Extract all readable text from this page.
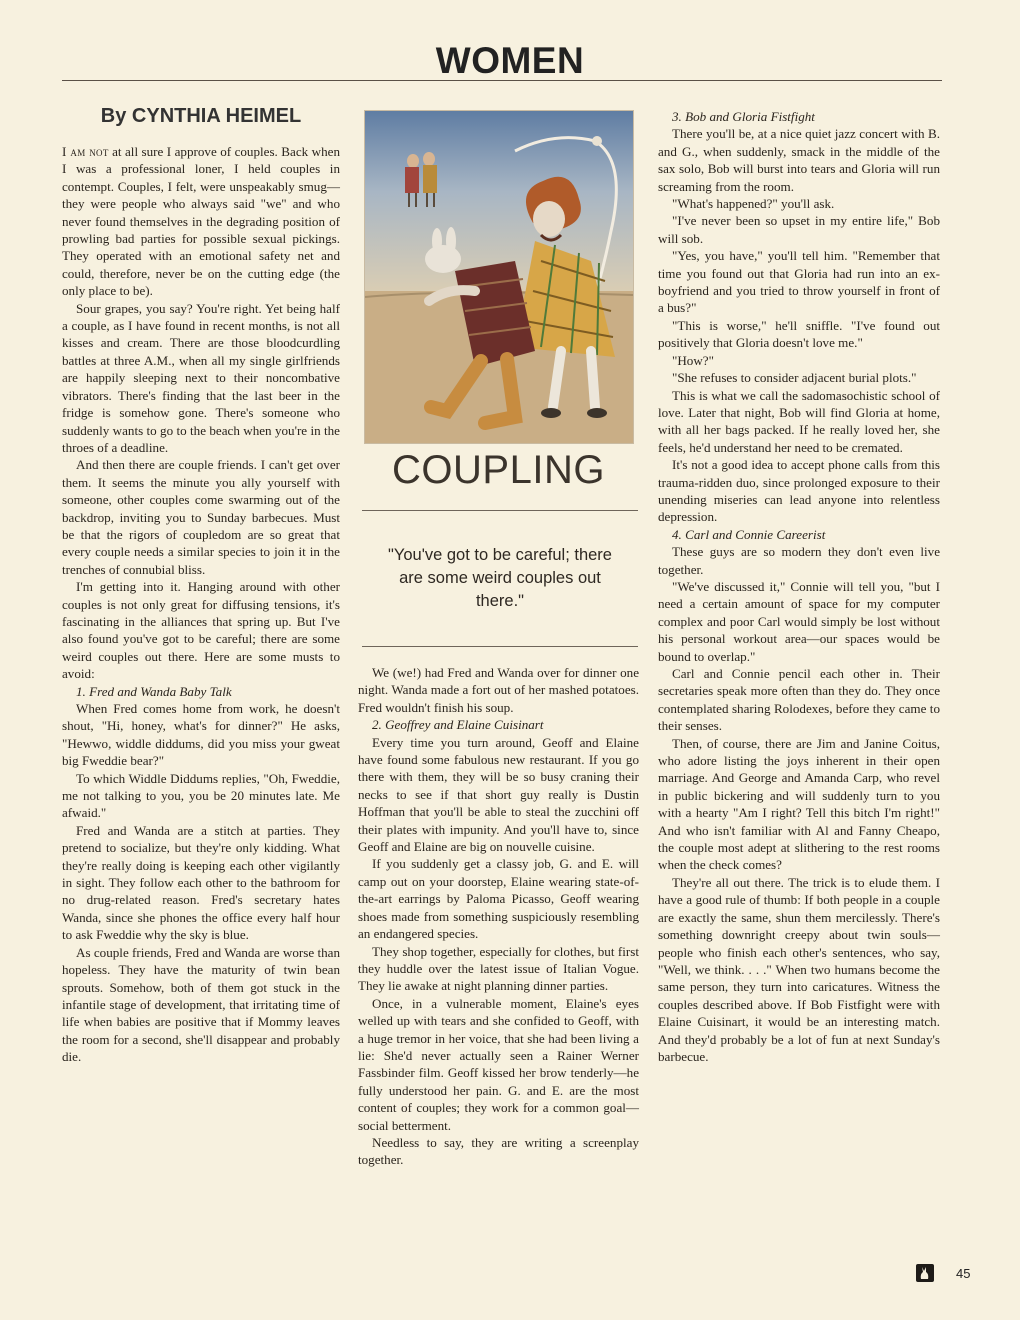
WOMEN
By CYNTHIA HEIMEL

I am not at all sure I approve of couples. Back when I was a professional loner, I held couples in contempt. Couples, I felt, were unspeakably smug—they were people who always said "we" and who never found themselves in the degrading position of prowling bad parties for possible sexual pickings. They operated with an emotional safety net and could, therefore, never be on the cutting edge (the only place to be).

Sour grapes, you say? You're right. Yet being half a couple, as I have found in recent months, is not all kisses and cream. There are those bloodcurdling battles at three A.M., when all my single girlfriends are happily sleeping next to their noncombative vibrators. There's finding that the last beer in the fridge is somehow gone. There's someone who suddenly wants to go to the beach when you're in the throes of a deadline.

And then there are couple friends. I can't get over them. It seems the minute you ally yourself with someone, other couples come swarming out of the backdrop, inviting you to Sunday barbecues. Must be that the rigors of coupledom are so great that every couple needs a similar species to join it in the trenches of connubial bliss.

I'm getting into it. Hanging around with other couples is not only great for diffusing tensions, it's fascinating in the alliances that spring up. But I've also found you've got to be careful; there are some weird couples out there. Here are some musts to avoid:

1. Fred and Wanda Baby Talk

When Fred comes home from work, he doesn't shout, "Hi, honey, what's for dinner?" He asks, "Hewwo, widdle diddums, did you miss your gweat big Fweddie bear?"

To which Widdle Diddums replies, "Oh, Fweddie, me not talking to you, you be 20 minutes late. Me afwaid."

Fred and Wanda are a stitch at parties. They pretend to socialize, but they're only kidding. What they're really doing is keeping each other vigilantly in sight. They follow each other to the bathroom for no drug-related reason. Fred's secretary hates Wanda, since she phones the office every half hour to ask Fweddie why the sky is blue.

As couple friends, Fred and Wanda are worse than hopeless. They have the maturity of twin bean sprouts. Somehow, both of them got stuck in the infantile stage of development, that irritating time of life when babies are positive that if Mommy leaves the room for a second, she'll disappear and probably die.

COUPLING
"You've got to be careful; there are some weird couples out there."

We (we!) had Fred and Wanda over for dinner one night. Wanda made a fort out of her mashed potatoes. Fred wouldn't finish his soup.

2. Geoffrey and Elaine Cuisinart

Every time you turn around, Geoff and Elaine have found some fabulous new restaurant. If you go there with them, they will be so busy craning their necks to see if that short guy really is Dustin Hoffman that you'll be able to steal the zucchini off their plates with impunity. And you'll have to, since Geoff and Elaine are big on nouvelle cuisine.

If you suddenly get a classy job, G. and E. will camp out on your doorstep, Elaine wearing state-of-the-art earrings by Paloma Picasso, Geoff wearing shoes made from something suspiciously resembling an endangered species.

They shop together, especially for clothes, but first they huddle over the latest issue of Italian Vogue. They lie awake at night planning dinner parties.

Once, in a vulnerable moment, Elaine's eyes welled up with tears and she confided to Geoff, with a huge tremor in her voice, that she had been living a lie: She'd never actually seen a Rainer Werner Fassbinder film. Geoff kissed her brow tenderly—he fully understood her pain. G. and E. are the most content of couples; they work for a common goal—social betterment.

Needless to say, they are writing a screenplay together.

3. Bob and Gloria Fistfight

There you'll be, at a nice quiet jazz concert with B. and G., when suddenly, smack in the middle of the sax solo, Bob will burst into tears and Gloria will run screaming from the room.

"What's happened?" you'll ask.

"I've never been so upset in my entire life," Bob will sob.

"Yes, you have," you'll tell him. "Remember that time you found out that Gloria had run into an ex-boyfriend and you tried to throw yourself in front of a bus?"

"This is worse," he'll sniffle. "I've found out positively that Gloria doesn't love me."

"How?"

"She refuses to consider adjacent burial plots."

This is what we call the sadomasochistic school of love. Later that night, Bob will find Gloria at home, with all her bags packed. If he really loved her, she feels, he'd understand her need to be cremated.

It's not a good idea to accept phone calls from this trauma-ridden duo, since prolonged exposure to their unending miseries can lead anyone into relentless depression.

4. Carl and Connie Careerist

These guys are so modern they don't even live together.

"We've discussed it," Connie will tell you, "but I need a certain amount of space for my computer complex and poor Carl would simply be lost without his personal workout area—our spaces would be bound to overlap."

Carl and Connie pencil each other in. Their secretaries speak more often than they do. They once contemplated sharing Rolodexes, before they came to their senses.

Then, of course, there are Jim and Janine Coitus, who adore listing the joys inherent in their open marriage. And George and Amanda Carp, who revel in public bickering and will suddenly turn to you with a hearty "Am I right? Tell this bitch I'm right!" And who isn't familiar with Al and Fanny Cheapo, the couple most adept at slithering to the rest rooms when the check comes?

They're all out there. The trick is to elude them. I have a good rule of thumb: If both people in a couple are exactly the same, shun them mercilessly. There's something downright creepy about twin souls—people who finish each other's sentences, who say, "Well, we think. . . ." When two humans become the same person, they turn into caricatures. Witness the couples described above. If Bob Fistfight were with Elaine Cuisinart, it would be an interesting match. And they'd probably be a lot of fun at next Sunday's barbecue.

45
